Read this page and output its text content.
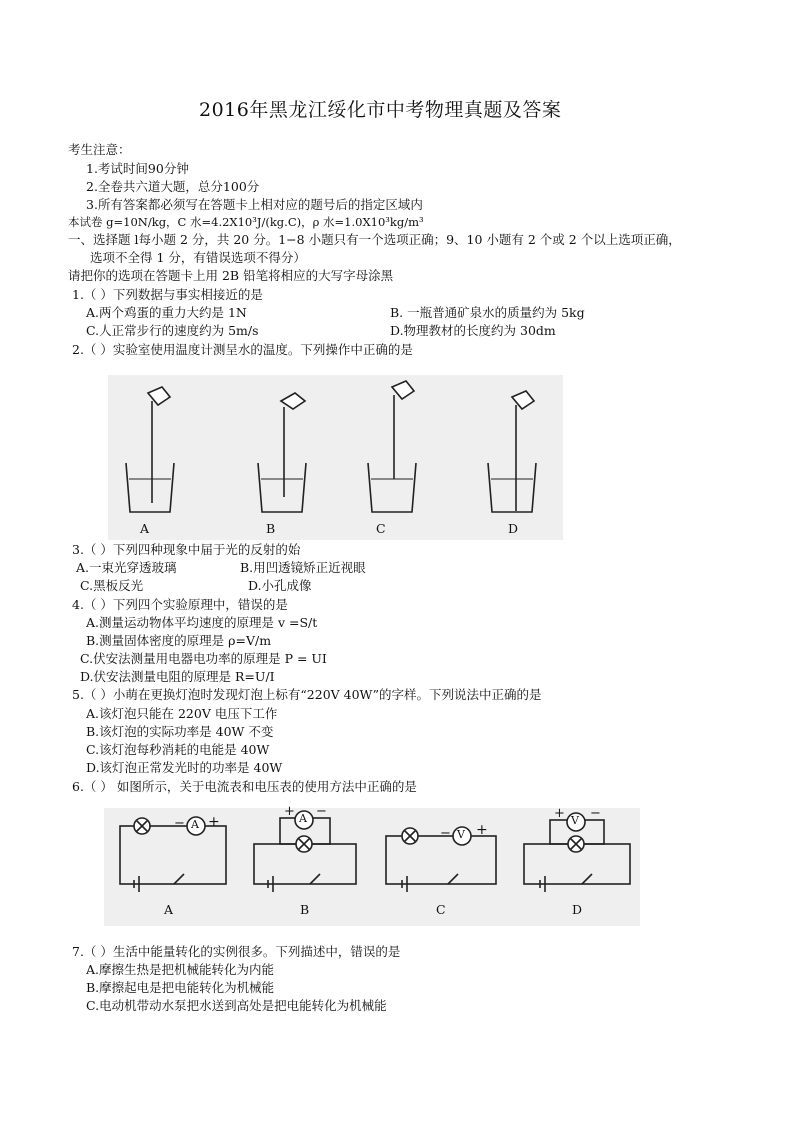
2016年黑龙江绥化市中考物理真题及答案
考生注意：
1.考试时间90分钟
2.全卷共六道大题，总分100分
3.所有答案都必须写在答题卡上相对应的题号后的指定区域内
本试卷 g=10N/kg，C 水=4.2X10³J/(kg.C)，ρ 水=1.0X10³kg/m³
一、选择题 l每小题 2 分，共 20 分。1−8 小题只有一个选项正确；9、10 小题有 2 个或 2 个以上选项正确，
选项不全得 1 分，有错误选项不得分）
请把你的选项在答题卡上用 2B 铅笔将相应的大写字母涂黑
1.（ ）下列数据与事实相接近的是
A.两个鸡蛋的重力大约是 1N	B. 一瓶普通矿泉水的质量约为 5kg
C.人正常步行的速度约为 5m/s	D.物理教材的长度约为 30dm
2.（ ）实验室使用温度计测呈水的温度。下列操作中正确的是
A	B	C	D
3.（ ）下列四种现象中届于光的反射的始
A.一束光穿透玻璃	B.用凹透镜矫正近视眼
C.黑板反光	D.小孔成像
4.（ ）下列四个实验原理中，错误的是
A.测量运动物体平均速度的原理是 v =S/t
B.测量固体密度的原理是 ρ=V/m
C.伏安法测量用电器电功率的原理是 P = UI
D.伏安法测量电阻的原理是 R=U/I
5.（ ）小萌在更换灯泡时发现灯泡上标有“220V 40W”的字样。下列说法中正确的是
A.该灯泡只能在 220V 电压下工作
B.该灯泡的实际功率是 40W 不变
C.该灯泡每秒消耗的电能是 40W
D.该灯泡正常发光时的功率是 40W
6.（ ） 如图所示，关于电流表和电压表的使用方法中正确的是
A	A
V
V
− +
+ −
− +
+ −
A	B	C	D
7.（ ）生活中能量转化的实例很多。下列描述中，错误的是
A.摩擦生热是把机械能转化为内能
B.摩擦起电是把电能转化为机械能
C.电动机带动水泵把水送到高处是把电能转化为机械能
